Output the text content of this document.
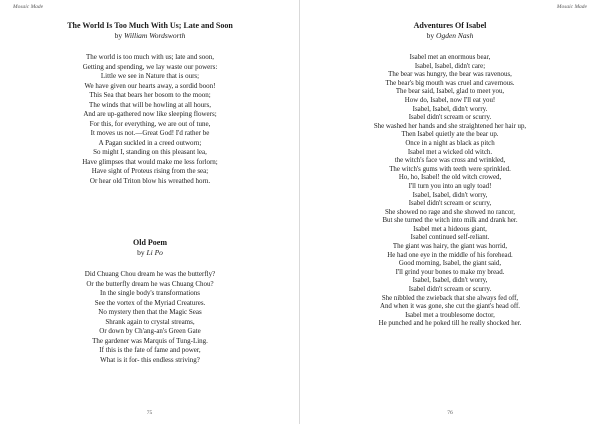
Mosaic Made
The World Is Too Much With Us; Late and Soon
by William Wordsworth
The world is too much with us; late and soon,
Getting and spending, we lay waste our powers:
Little we see in Nature that is ours;
We have given our hearts away, a sordid boon!
This Sea that bears her bosom to the moon;
The winds that will be howling at all hours,
And are up-gathered now like sleeping flowers;
For this, for everything, we are out of tune,
It moves us not.—Great God! I'd rather be
A Pagan suckled in a creed outworn;
So might I, standing on this pleasant lea,
Have glimpses that would make me less forlorn;
Have sight of Proteus rising from the sea;
Or hear old Triton blow his wreathed horn.
Old Poem
by Li Po
Did Chuang Chou dream he was the butterfly?
Or the butterfly dream he was Chuang Chou?
In the single body's transformations
See the vortex of the Myriad Creatures.
No mystery then that the Magic Seas
Shrank again to crystal streams,
Or down by Ch'ang-an's Green Gate
The gardener was Marquis of Tung-Ling.
If this is the fate of fame and power,
What is it for- this endless striving?
75
Mosaic Made
Adventures Of Isabel
by Ogden Nash
Isabel met an enormous bear,
Isabel, Isabel, didn't care;
The bear was hungry, the bear was ravenous,
The bear's big mouth was cruel and cavernous.
The bear said, Isabel, glad to meet you,
How do, Isabel, now I'll eat you!
Isabel, Isabel, didn't worry.
Isabel didn't scream or scurry.
She washed her hands and she straightened her hair up,
Then Isabel quietly ate the bear up.
Once in a night as black as pitch
Isabel met a wicked old witch.
the witch's face was cross and wrinkled,
The witch's gums with teeth were sprinkled.
Ho, ho, Isabel! the old witch crowed,
I'll turn you into an ugly toad!
Isabel, Isabel, didn't worry,
Isabel didn't scream or scurry,
She showed no rage and she showed no rancor,
But she turned the witch into milk and drank her.
Isabel met a hideous giant,
Isabel continued self-reliant.
The giant was hairy, the giant was horrid,
He had one eye in the middle of his forehead.
Good morning, Isabel, the giant said,
I'll grind your bones to make my bread.
Isabel, Isabel, didn't worry,
Isabel didn't scream or scurry.
She nibbled the zwieback that she always fed off,
And when it was gone, she cut the giant's head off.
Isabel met a troublesome doctor,
He punched and he poked till he really shocked her.
76
